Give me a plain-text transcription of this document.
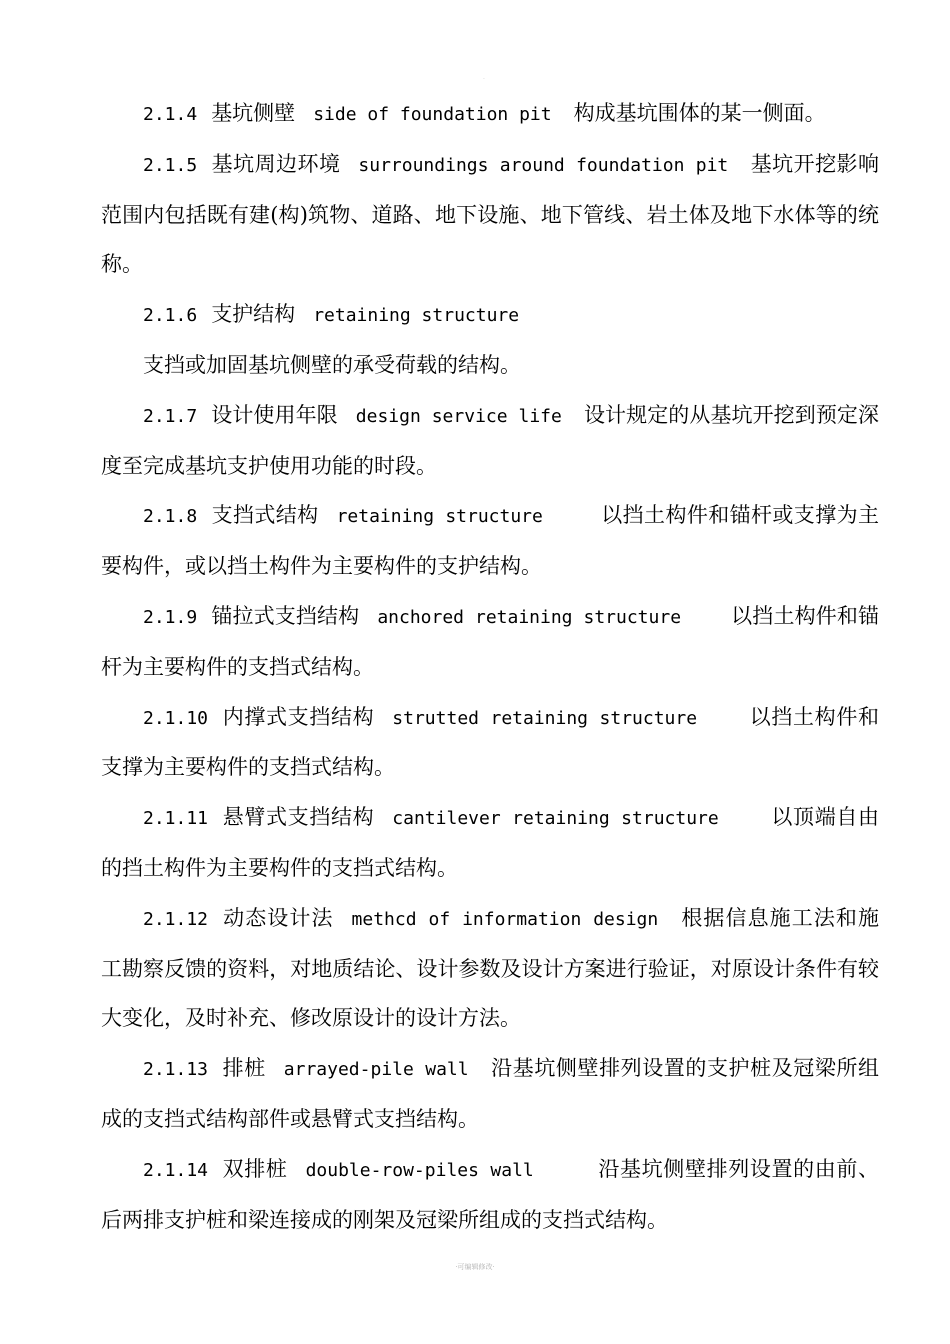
·

2.1.4 基坑侧壁 side of foundation pit 构成基坑围体的某一侧面。

2.1.5 基坑周边环境 surroundings around foundation pit 基坑开挖影响范围内包括既有建(构)筑物、道路、地下设施、地下管线、岩土体及地下水体等的统称。

2.1.6 支护结构 retaining structure

支挡或加固基坑侧壁的承受荷载的结构。

2.1.7 设计使用年限 design service life 设计规定的从基坑开挖到预定深度至完成基坑支护使用功能的时段。

2.1.8 支挡式结构 retaining structure	以挡土构件和锚杆或支撑为主要构件，或以挡土构件为主要构件的支护结构。

2.1.9 锚拉式支挡结构 anchored retaining structure 以挡土构件和锚杆为主要构件的支挡式结构。

2.1.10 内撑式支挡结构 strutted retaining structure 以挡土构件和支撑为主要构件的支挡式结构。

2.1.11 悬臂式支挡结构 cantilever retaining structure 以顶端自由的挡土构件为主要构件的支挡式结构。

2.1.12 动态设计法 methcd of information design 根据信息施工法和施工勘察反馈的资料，对地质结论、设计参数及设计方案进行验证，对原设计条件有较大变化，及时补充、修改原设计的设计方法。

2.1.13 排桩 arrayed-pile wall 沿基坑侧壁排列设置的支护桩及冠梁所组成的支挡式结构部件或悬臂式支挡结构。

2.1.14 双排桩 double-row-piles wall	沿基坑侧壁排列设置的由前、后两排支护桩和梁连接成的刚架及冠梁所组成的支挡式结构。

·可编辑修改·
